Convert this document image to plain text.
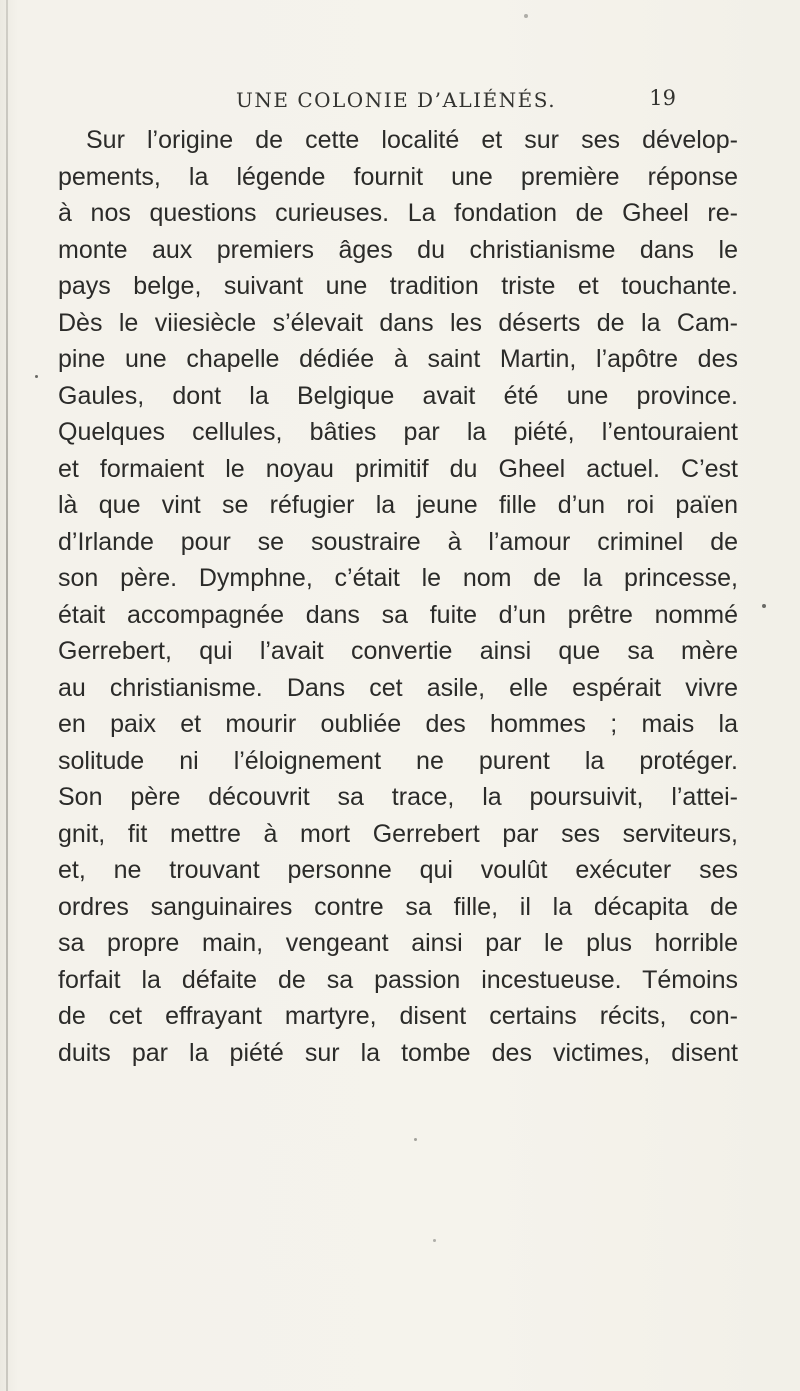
UNE COLONIE D’ALIÉNÉS.	19
Sur l’origine de cette localité et sur ses dévelop-
pements, la légende fournit une première réponse
à nos questions curieuses. La fondation de Gheel re-
monte aux premiers âges du christianisme dans le
pays belge, suivant une tradition triste et touchante.
Dès le viiesiècle s’élevait dans les déserts de la Cam-
pine une chapelle dédiée à saint Martin, l’apôtre des
Gaules, dont la Belgique avait été une province.
Quelques cellules, bâties par la piété, l’entouraient
et formaient le noyau primitif du Gheel actuel. C’est
là que vint se réfugier la jeune fille d’un roi païen
d’Irlande pour se soustraire à l’amour criminel de
son père. Dymphne, c’était le nom de la princesse,
était accompagnée dans sa fuite d’un prêtre nommé
Gerrebert, qui l’avait convertie ainsi que sa mère
au christianisme. Dans cet asile, elle espérait vivre
en paix et mourir oubliée des hommes ; mais la
solitude ni l’éloignement ne purent la protéger.
Son père découvrit sa trace, la poursuivit, l’attei-
gnit, fit mettre à mort Gerrebert par ses serviteurs,
et, ne trouvant personne qui voulût exécuter ses
ordres sanguinaires contre sa fille, il la décapita de
sa propre main, vengeant ainsi par le plus horrible
forfait la défaite de sa passion incestueuse. Témoins
de cet effrayant martyre, disent certains récits, con-
duits par la piété sur la tombe des victimes, disent
